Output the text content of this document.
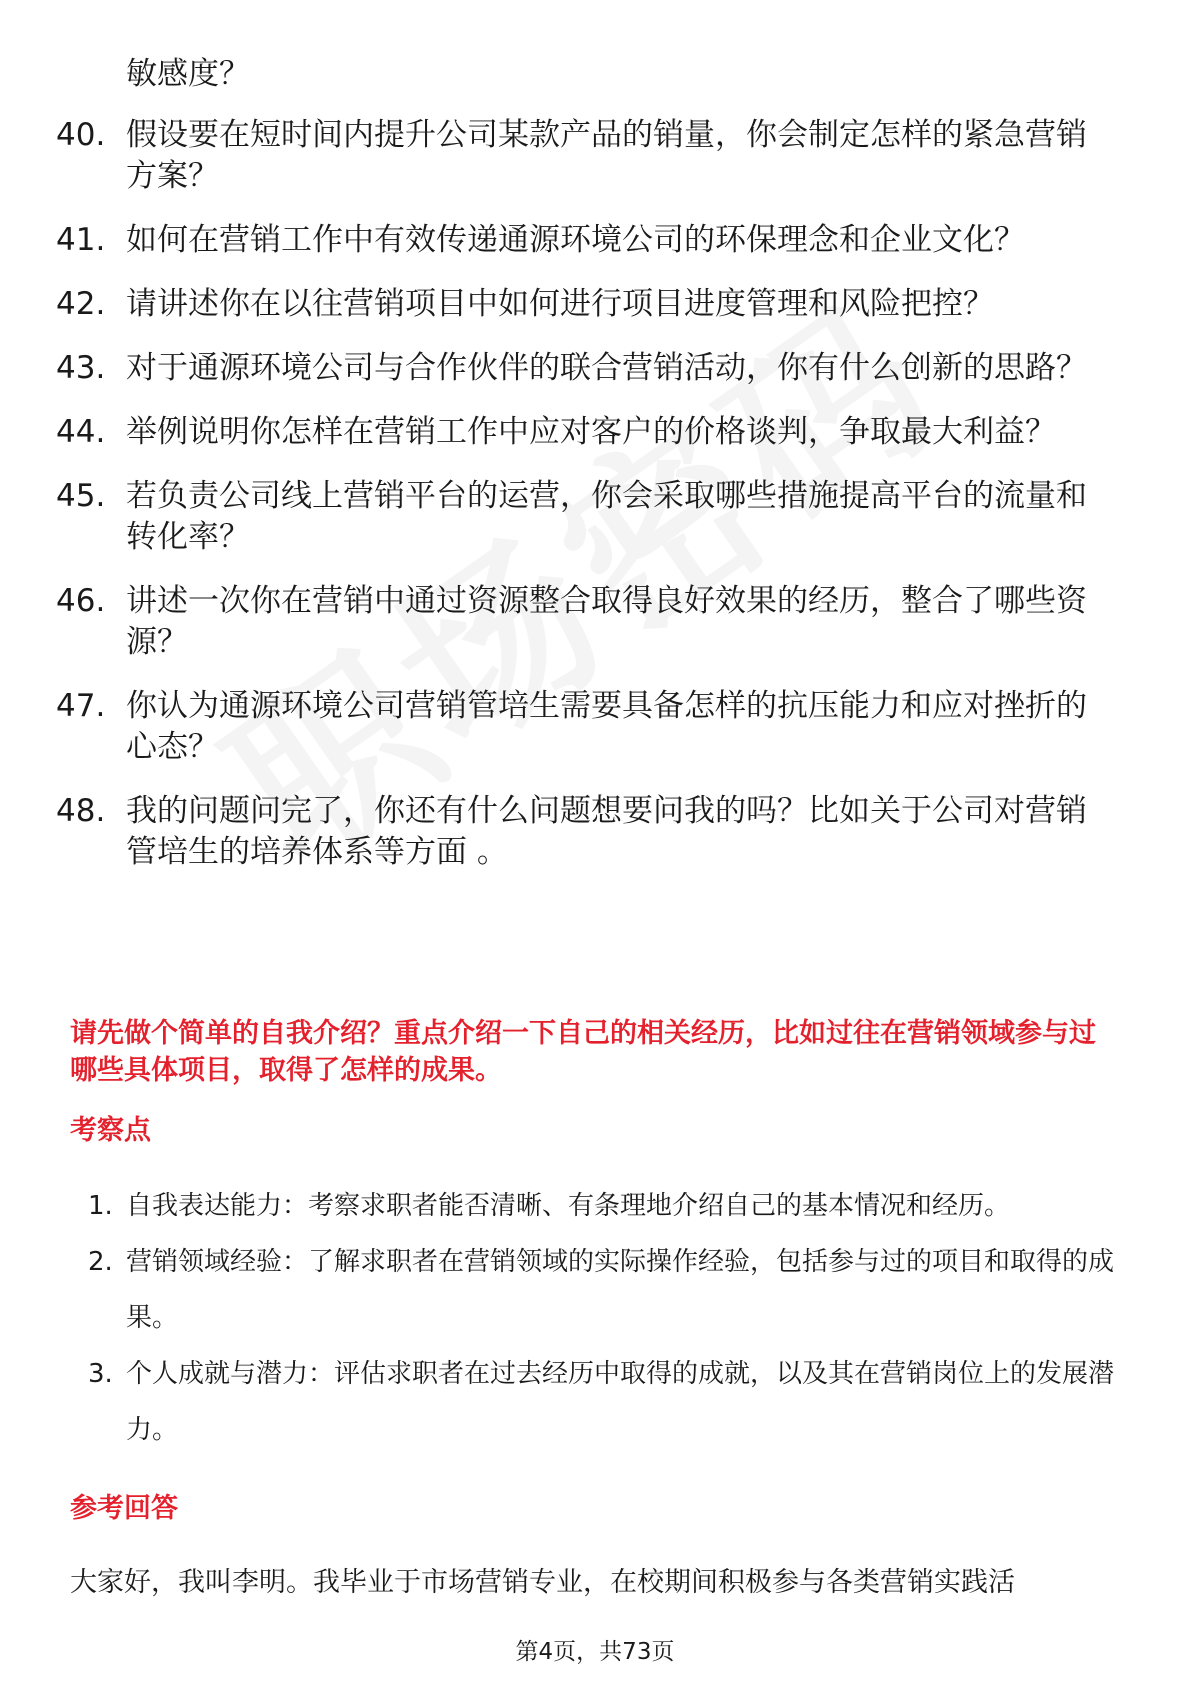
敏感度？
40. 假设要在短时间内提升公司某款产品的销量，你会制定怎样的紧急营销方案？
41. 如何在营销工作中有效传递通源环境公司的环保理念和企业文化？
42. 请讲述你在以往营销项目中如何进行项目进度管理和风险把控？
43. 对于通源环境公司与合作伙伴的联合营销活动，你有什么创新的思路？
44. 举例说明你怎样在营销工作中应对客户的价格谈判，争取最大利益？
45. 若负责公司线上营销平台的运营，你会采取哪些措施提高平台的流量和转化率？
46. 讲述一次你在营销中通过资源整合取得良好效果的经历，整合了哪些资源？
47. 你认为通源环境公司营销管培生需要具备怎样的抗压能力和应对挫折的心态？
48. 我的问题问完了，你还有什么问题想要问我的吗？比如关于公司对营销管培生的培养体系等方面 。
请先做个简单的自我介绍？重点介绍一下自己的相关经历，比如过往在营销领域参与过哪些具体项目，取得了怎样的成果。
考察点
1. 自我表达能力：考察求职者能否清晰、有条理地介绍自己的基本情况和经历。
2. 营销领域经验：了解求职者在营销领域的实际操作经验，包括参与过的项目和取得的成果。
3. 个人成就与潜力：评估求职者在过去经历中取得的成就，以及其在营销岗位上的发展潜力。
参考回答
大家好，我叫李明。我毕业于市场营销专业，在校期间积极参与各类营销实践活
第4页，共73页
